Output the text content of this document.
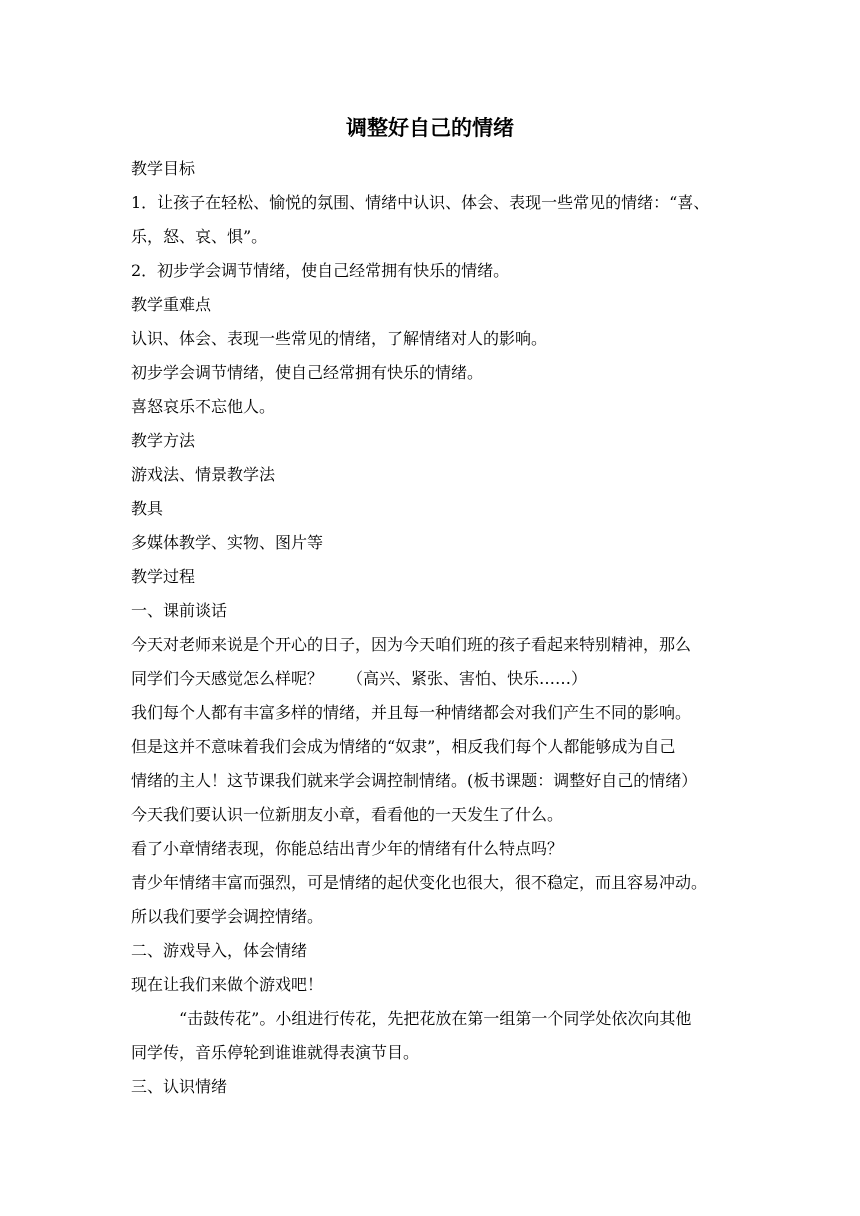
调整好自己的情绪
教学目标
1．让孩子在轻松、愉悦的氛围、情绪中认识、体会、表现一些常见的情绪：“喜、
乐，怒、哀、惧”。
2．初步学会调节情绪，使自己经常拥有快乐的情绪。
教学重难点
认识、体会、表现一些常见的情绪，了解情绪对人的影响。
初步学会调节情绪，使自己经常拥有快乐的情绪。
喜怒哀乐不忘他人。
教学方法
游戏法、情景教学法
教具
多媒体教学、实物、图片等
教学过程
一、课前谈话
今天对老师来说是个开心的日子，因为今天咱们班的孩子看起来特别精神，那么
同学们今天感觉怎么样呢？　　（高兴、紧张、害怕、快乐……）
我们每个人都有丰富多样的情绪，并且每一种情绪都会对我们产生不同的影响。
但是这并不意味着我们会成为情绪的“奴隶”，相反我们每个人都能够成为自己
情绪的主人！这节课我们就来学会调控制情绪。(板书课题：调整好自己的情绪）
今天我们要认识一位新朋友小章，看看他的一天发生了什么。
看了小章情绪表现，你能总结出青少年的情绪有什么特点吗？
青少年情绪丰富而强烈，可是情绪的起伏变化也很大，很不稳定，而且容易冲动。
所以我们要学会调控情绪。
二、游戏导入，体会情绪
现在让我们来做个游戏吧！
“击鼓传花”。小组进行传花，先把花放在第一组第一个同学处依次向其他
同学传，音乐停轮到谁谁就得表演节目。
三、认识情绪
